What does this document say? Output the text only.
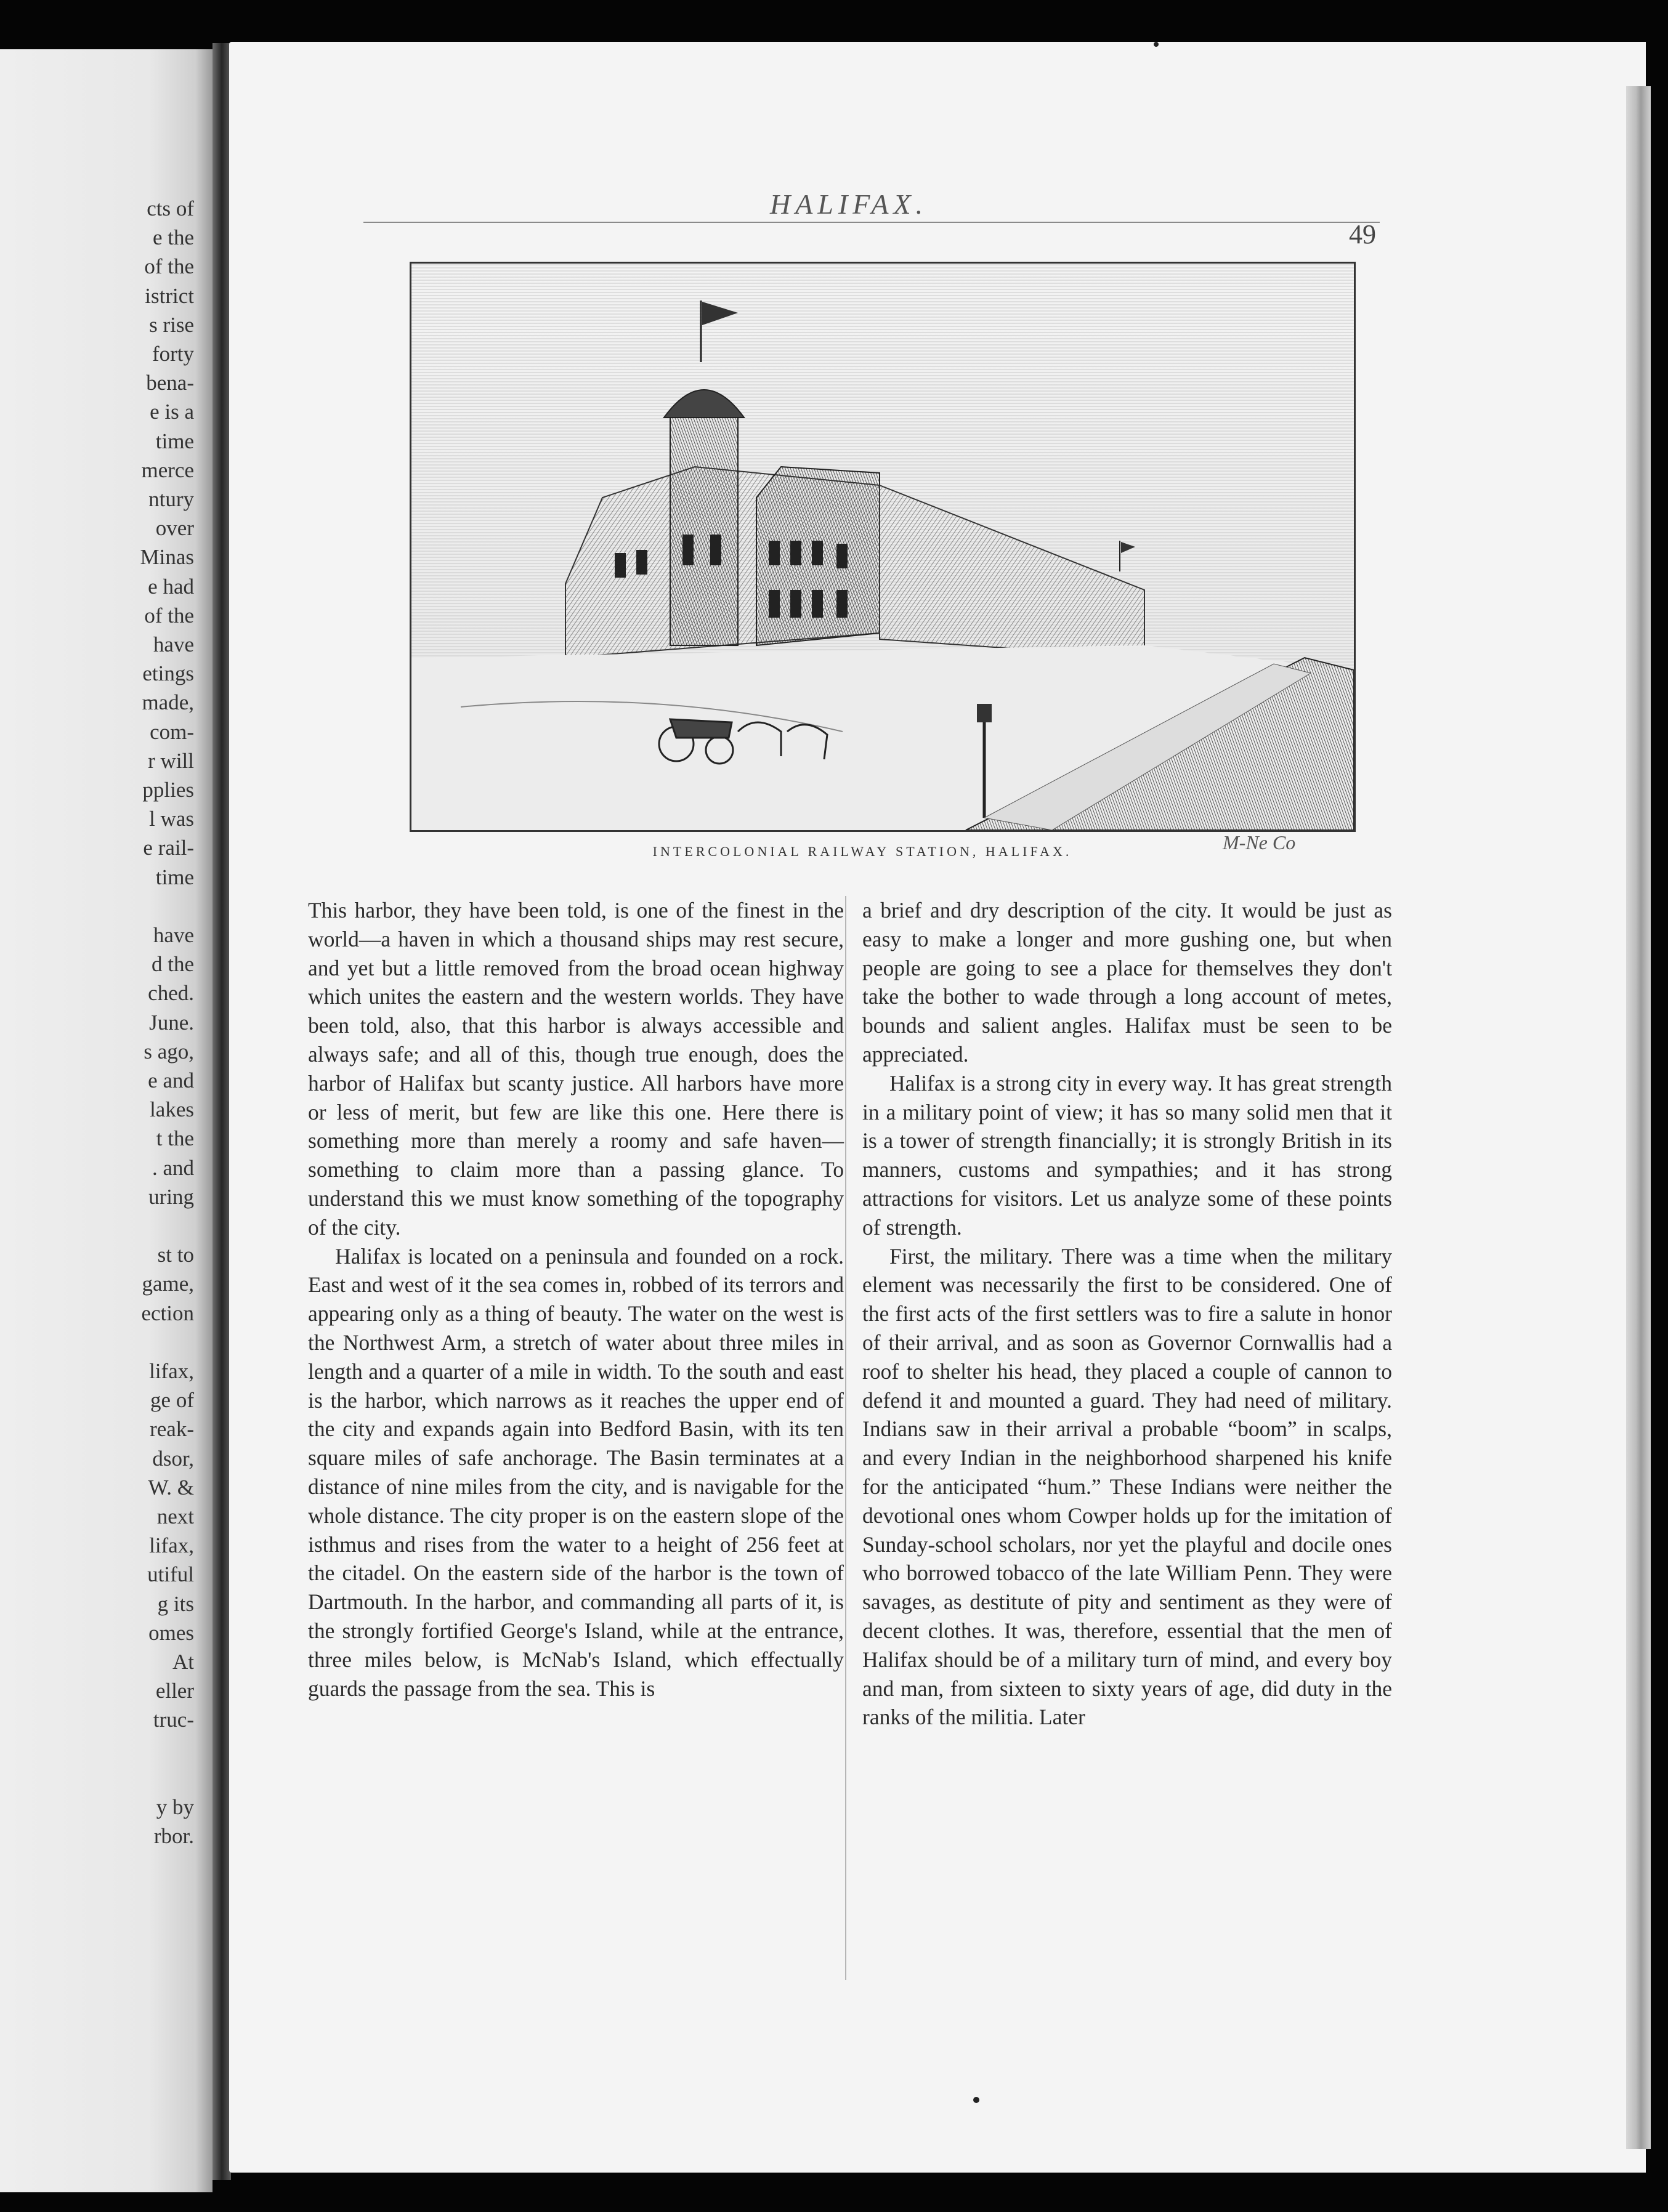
cts of
e the
of the
istrict
s rise
forty
bena-
e is a
time
merce
ntury
over
Minas
e had
of the
have
etings
made,
com-
r will
pplies
l was
e rail-
time
have
d the
ched.
June.
s ago,
e and
lakes
t the
. and
uring
st to
game,
ection
lifax,
ge of
reak-
dsor,
W. &
next
lifax,
utiful
g its
omes
At
eller
truc-
y by
rbor.
HALIFAX.
49
INTERCOLONIAL RAILWAY STATION, HALIFAX.	M-Ne Co

This harbor, they have been told, is one of the finest in the world—a haven in which a thousand ships may rest secure, and yet but a little removed from the broad ocean highway which unites the eastern and the western worlds. They have been told, also, that this harbor is always accessible and always safe; and all of this, though true enough, does the harbor of Halifax but scanty justice. All harbors have more or less of merit, but few are like this one. Here there is something more than merely a roomy and safe haven—something to claim more than a passing glance. To understand this we must know something of the topography of the city.

Halifax is located on a peninsula and founded on a rock. East and west of it the sea comes in, robbed of its terrors and appearing only as a thing of beauty. The water on the west is the Northwest Arm, a stretch of water about three miles in length and a quarter of a mile in width. To the south and east is the harbor, which narrows as it reaches the upper end of the city and expands again into Bedford Basin, with its ten square miles of safe anchorage. The Basin terminates at a distance of nine miles from the city, and is navigable for the whole distance. The city proper is on the eastern slope of the isthmus and rises from the water to a height of 256 feet at the citadel. On the eastern side of the harbor is the town of Dartmouth. In the harbor, and commanding all parts of it, is the strongly fortified George's Island, while at the entrance, three miles below, is McNab's Island, which effectually guards the passage from the sea. This is

a brief and dry description of the city. It would be just as easy to make a longer and more gushing one, but when people are going to see a place for themselves they don't take the bother to wade through a long account of metes, bounds and salient angles. Halifax must be seen to be appreciated.

Halifax is a strong city in every way. It has great strength in a military point of view; it has so many solid men that it is a tower of strength financially; it is strongly British in its manners, customs and sympathies; and it has strong attractions for visitors. Let us analyze some of these points of strength.

First, the military. There was a time when the military element was necessarily the first to be considered. One of the first acts of the first settlers was to fire a salute in honor of their arrival, and as soon as Governor Cornwallis had a roof to shelter his head, they placed a couple of cannon to defend it and mounted a guard. They had need of military. Indians saw in their arrival a probable “boom” in scalps, and every Indian in the neighborhood sharpened his knife for the anticipated “hum.” These Indians were neither the devotional ones whom Cowper holds up for the imitation of Sunday-school scholars, nor yet the playful and docile ones who borrowed tobacco of the late William Penn. They were savages, as destitute of pity and sentiment as they were of decent clothes. It was, therefore, essential that the men of Halifax should be of a military turn of mind, and every boy and man, from sixteen to sixty years of age, did duty in the ranks of the militia. Later
